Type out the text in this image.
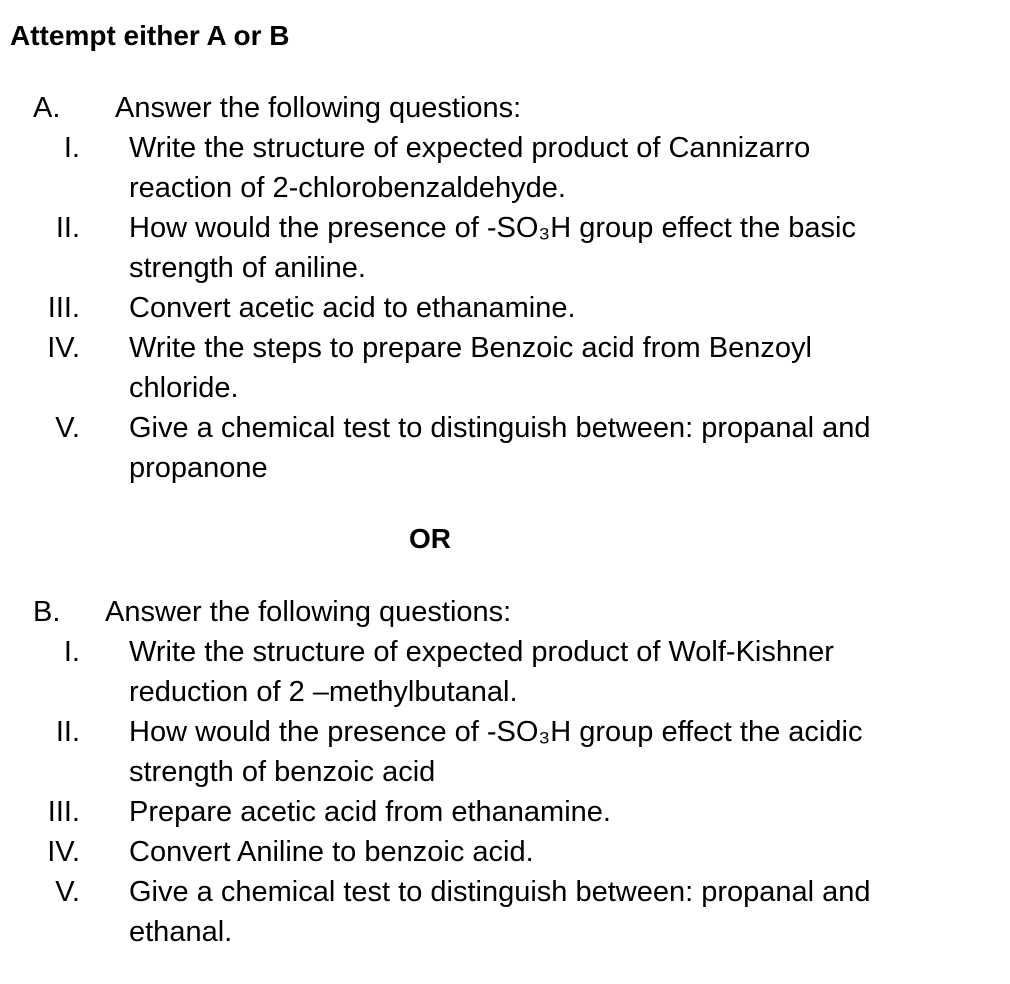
Attempt either A or B
A. Answer the following questions:
I. Write the structure of expected product of Cannizarro
reaction of 2-chlorobenzaldehyde.
II. How would the presence of -SO₃H group effect the basic
strength of aniline.
III. Convert acetic acid to ethanamine.
IV. Write the steps to prepare Benzoic acid from Benzoyl
chloride.
V. Give a chemical test to distinguish between: propanal and
propanone
OR
B. Answer the following questions:
I. Write the structure of expected product of Wolf-Kishner
reduction of 2 –methylbutanal.
II. How would the presence of -SO₃H group effect the acidic
strength of benzoic acid
III. Prepare acetic acid from ethanamine.
IV. Convert Aniline to benzoic acid.
V. Give a chemical test to distinguish between: propanal and
ethanal.
